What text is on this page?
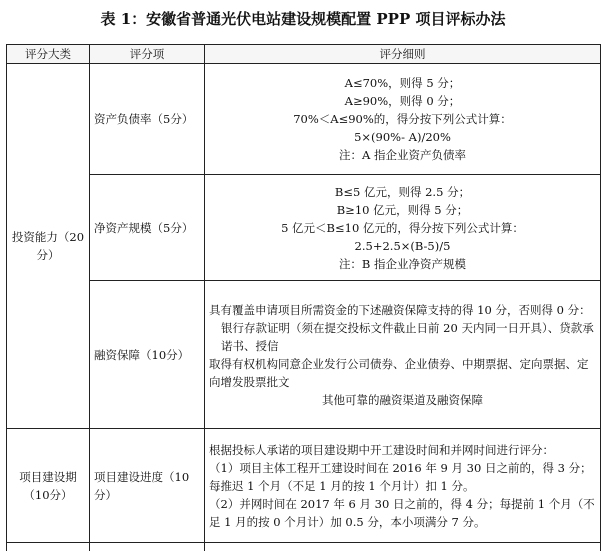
表 1：安徽省普通光伏电站建设规模配置 PPP 项目评标办法
评分大类	评分项	评分细则
投资能力（20分）	资产负债率（5分）	A≤70%，则得 5 分；
A≥90%，则得 0 分；
70%＜A≤90%的，得分按下列公式计算：
5×(90%- A)/20%
注：A 指企业资产负债率

	净资产规模（5分）	B≤5 亿元，则得 2.5 分；
B≥10 亿元，则得 5 分；
5 亿元＜B≤10 亿元的，得分按下列公式计算：
2.5+2.5×(B-5)/5
注：B 指企业净资产规模

	融资保障（10分）	具有覆盖申请项目所需资金的下述融资保障支持的得 10 分，否则得 0 分：
银行存款证明（须在提交投标文件截止日前 20 天内同一日开具）、贷款承诺书、授信
取得有权机构同意企业发行公司债券、企业债券、中期票据、定向票据、定向增发股票批文
其他可靠的融资渠道及融资保障

项目建设期（10分）	项目建设进度（10分）	根据投标人承诺的项目建设期中开工建设时间和并网时间进行评分：
（1）项目主体工程开工建设时间在 2016 年 9 月 30 日之前的，得 3 分；每推迟 1 个月（不足 1 月的按 1 个月计）扣 1 分。
（2）并网时间在 2017 年 6 月 30 日之前的，得 4 分；每提前 1 个月（不足 1 月的按 0 个月计）加 0.5 分，本小项满分 7 分。
